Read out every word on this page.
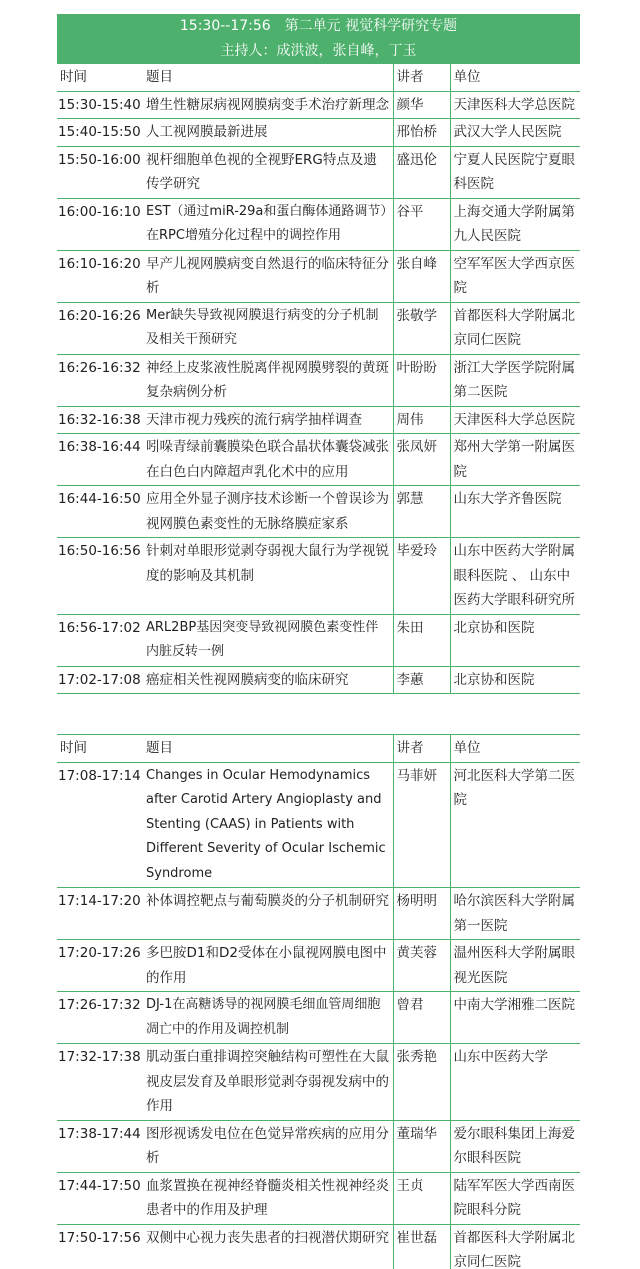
15:30--17:56　第二单元 视觉科学研究专题
主持人：成洪波，张自峰，丁玉
时间	题目	讲者	单位
15:30-15:40	增生性糖尿病视网膜病变手术治疗新理念	颜华	天津医科大学总医院
15:40-15:50	人工视网膜最新进展	邢怡桥	武汉大学人民医院
15:50-16:00	视杆细胞单色视的全视野ERG特点及遗传学研究	盛迅伦	宁夏人民医院宁夏眼科医院
16:00-16:10	EST（通过miR-29a和蛋白酶体通路调节）在RPC增殖分化过程中的调控作用	谷平	上海交通大学附属第九人民医院
16:10-16:20	早产儿视网膜病变自然退行的临床特征分析	张自峰	空军军医大学西京医院
16:20-16:26	Mer缺失导致视网膜退行病变的分子机制及相关干预研究	张敬学	首都医科大学附属北京同仁医院
16:26-16:32	神经上皮浆液性脱离伴视网膜劈裂的黄斑复杂病例分析	叶盼盼	浙江大学医学院附属第二医院
16:32-16:38	天津市视力残疾的流行病学抽样调查	周伟	天津医科大学总医院
16:38-16:44	吲哚青绿前囊膜染色联合晶状体囊袋减张在白色白内障超声乳化术中的应用	张凤妍	郑州大学第一附属医院
16:44-16:50	应用全外显子测序技术诊断一个曾误诊为视网膜色素变性的无脉络膜症家系	郭慧	山东大学齐鲁医院
16:50-16:56	针刺对单眼形觉剥夺弱视大鼠行为学视锐度的影响及其机制	毕爱玲	山东中医药大学附属眼科医院 、 山东中医药大学眼科研究所
16:56-17:02	ARL2BP基因突变导致视网膜色素变性伴内脏反转一例	朱田	北京协和医院
17:02-17:08	癌症相关性视网膜病变的临床研究	李蕙	北京协和医院
时间	题目	讲者	单位
17:08-17:14	Changes in Ocular Hemodynamics after Carotid Artery Angioplasty and Stenting (CAAS) in Patients with Different Severity of Ocular Ischemic Syndrome	马菲妍	河北医科大学第二医院
17:14-17:20	补体调控靶点与葡萄膜炎的分子机制研究	杨明明	哈尔滨医科大学附属第一医院
17:20-17:26	多巴胺D1和D2受体在小鼠视网膜电图中的作用	黄芙蓉	温州医科大学附属眼视光医院
17:26-17:32	DJ-1在高糖诱导的视网膜毛细血管周细胞凋亡中的作用及调控机制	曾君	中南大学湘雅二医院
17:32-17:38	肌动蛋白重排调控突触结构可塑性在大鼠视皮层发育及单眼形觉剥夺弱视发病中的作用	张秀艳	山东中医药大学
17:38-17:44	图形视诱发电位在色觉异常疾病的应用分析	董瑞华	爱尔眼科集团上海爱尔眼科医院
17:44-17:50	血浆置换在视神经脊髓炎相关性视神经炎患者中的作用及护理	王贞	陆军军医大学西南医院眼科分院
17:50-17:56	双侧中心视力丧失患者的扫视潜伏期研究	崔世磊	首都医科大学附属北京同仁医院
